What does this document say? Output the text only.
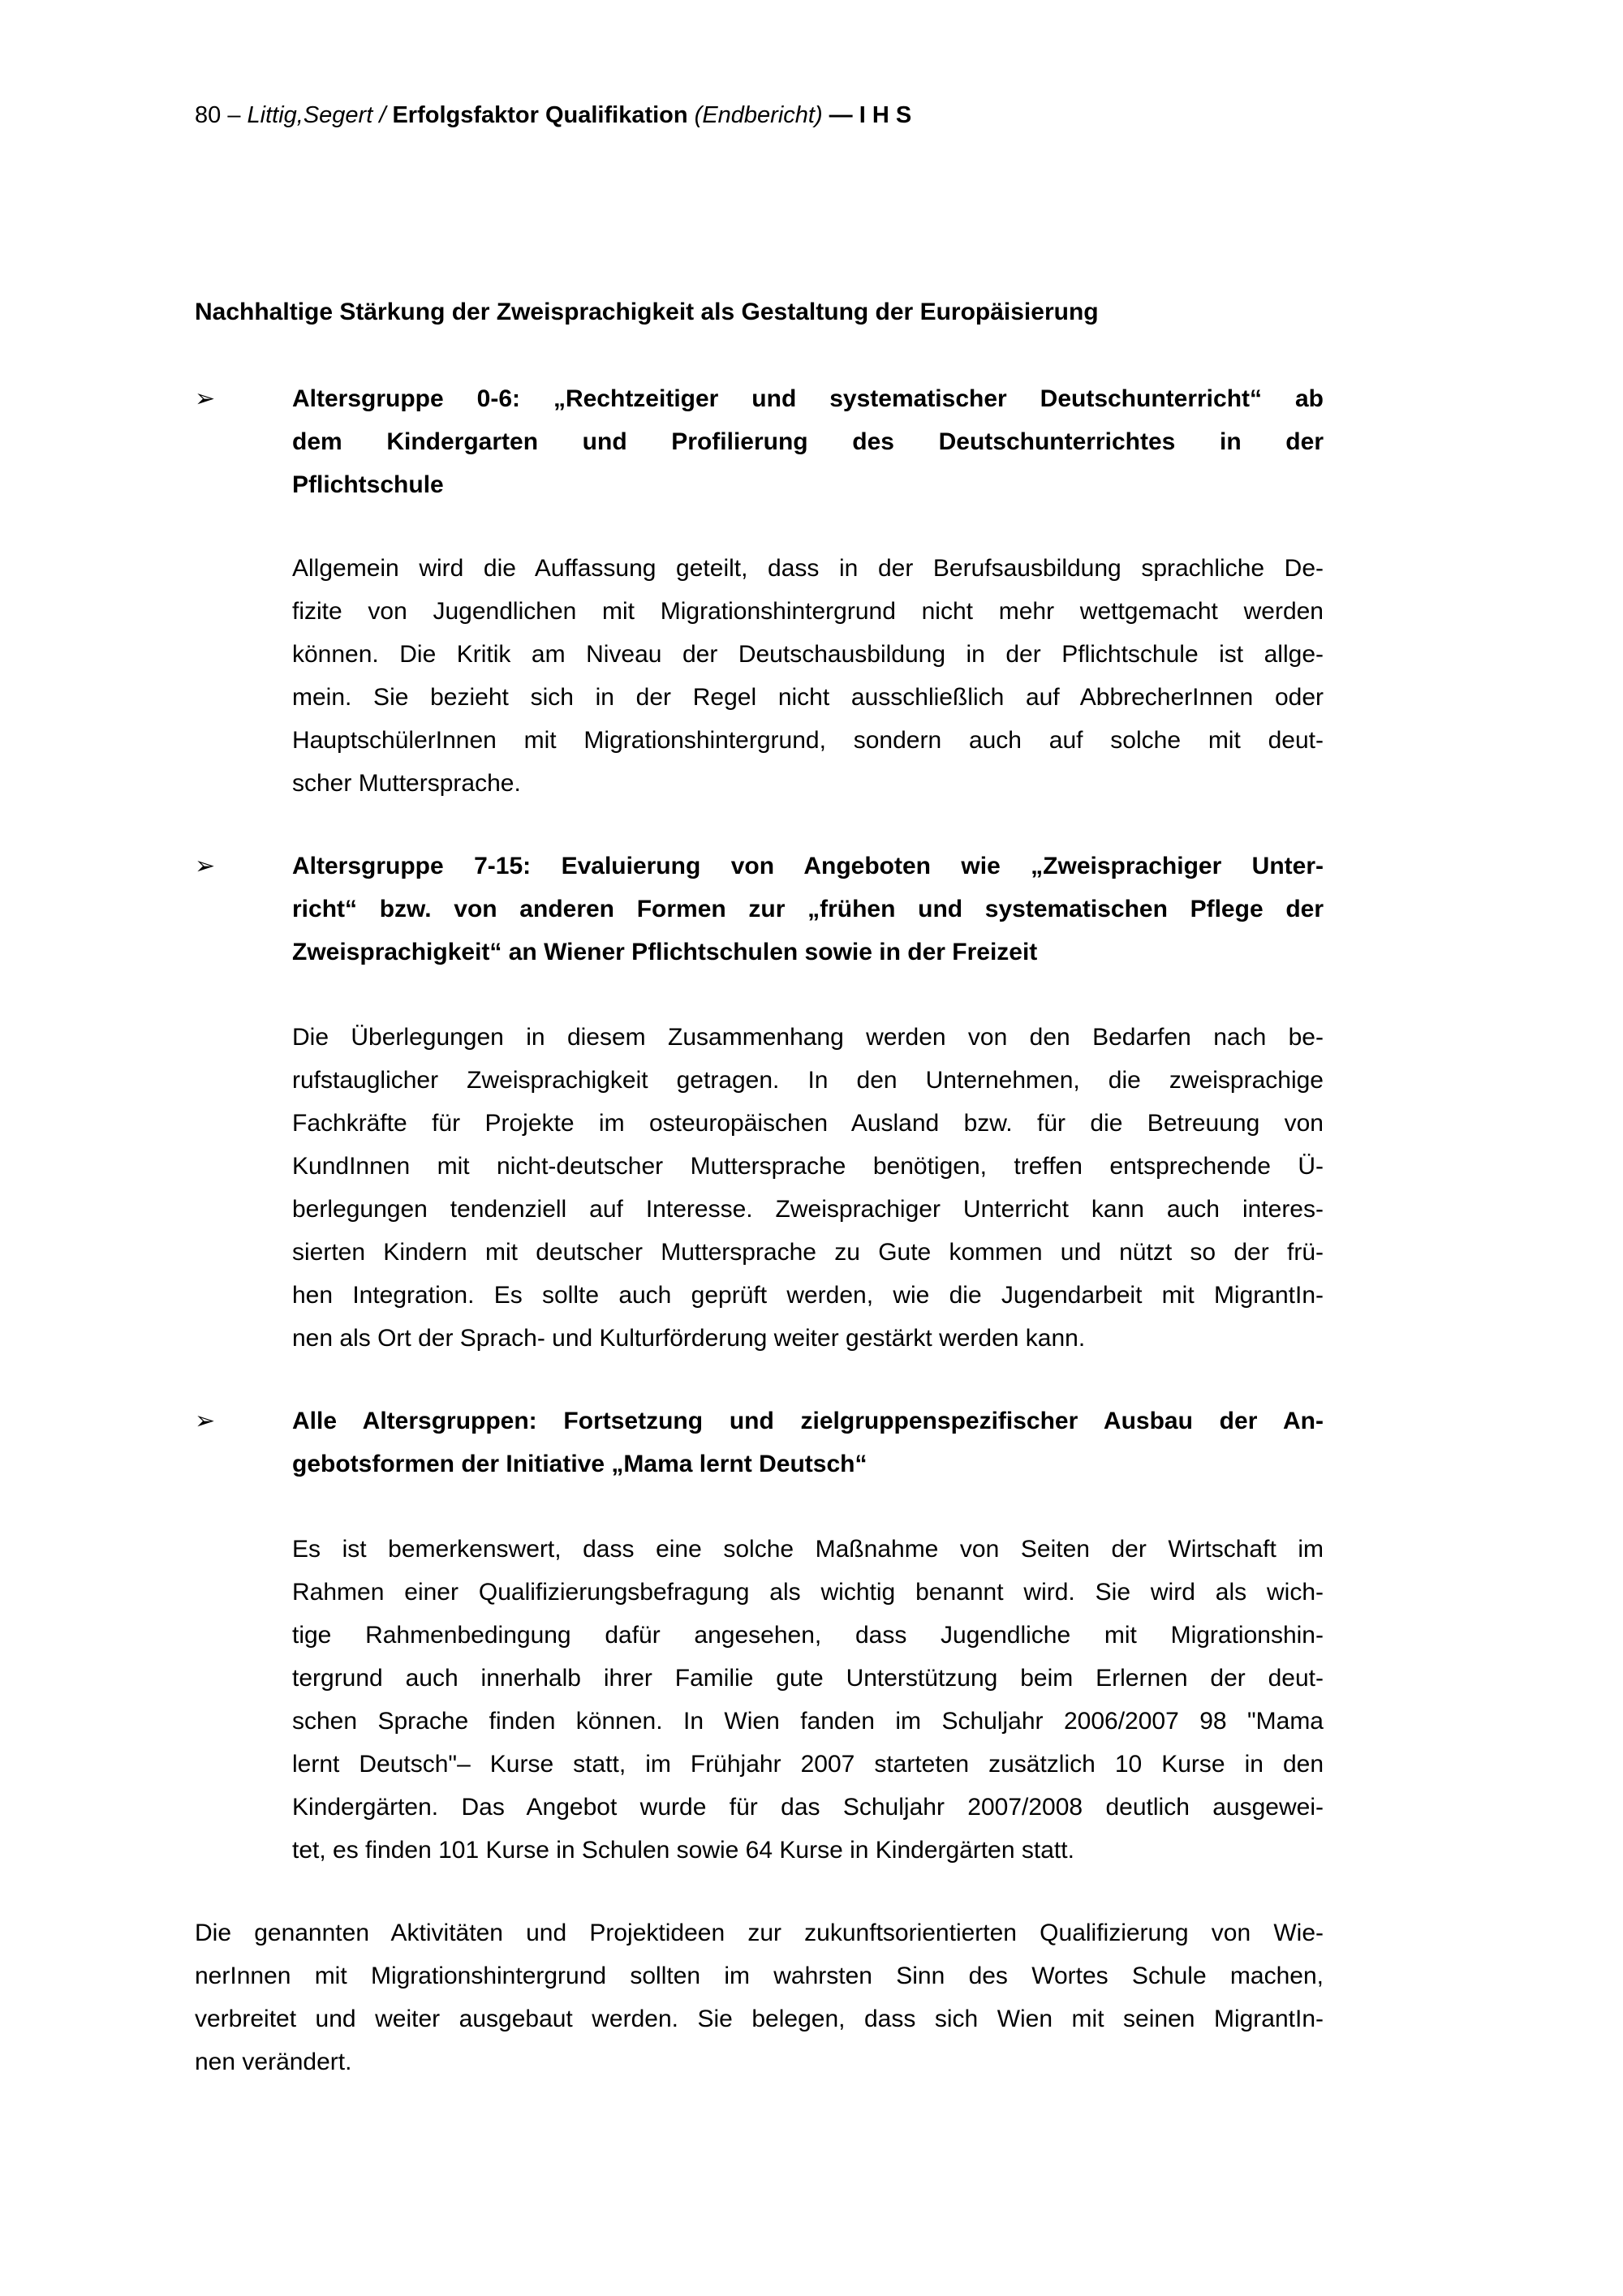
80 – Littig,Segert / Erfolgsfaktor Qualifikation (Endbericht) — I H S
Nachhaltige Stärkung der Zweisprachigkeit als Gestaltung der Europäisierung
➢	Altersgruppe 0-6: „Rechtzeitiger und systematischer Deutschunterricht“ ab
dem Kindergarten und Profilierung des Deutschunterrichtes in der
Pflichtschule
Allgemein wird die Auffassung geteilt, dass in der Berufsausbildung sprachliche De-
fizite von Jugendlichen mit Migrationshintergrund nicht mehr wettgemacht werden
können. Die Kritik am Niveau der Deutschausbildung in der Pflichtschule ist allge-
mein. Sie bezieht sich in der Regel nicht ausschließlich auf AbbrecherInnen oder
HauptschülerInnen mit Migrationshintergrund, sondern auch auf solche mit deut-
scher Muttersprache.
➢	Altersgruppe 7-15: Evaluierung von Angeboten wie „Zweisprachiger Unter-
richt“ bzw. von anderen Formen zur „frühen und systematischen Pflege der
Zweisprachigkeit“ an Wiener Pflichtschulen sowie in der Freizeit
Die Überlegungen in diesem Zusammenhang werden von den Bedarfen nach be-
rufstauglicher Zweisprachigkeit getragen. In den Unternehmen, die zweisprachige
Fachkräfte für Projekte im osteuropäischen Ausland bzw. für die Betreuung von
KundInnen mit nicht-deutscher Muttersprache benötigen, treffen entsprechende Ü-
berlegungen tendenziell auf Interesse. Zweisprachiger Unterricht kann auch interes-
sierten Kindern mit deutscher Muttersprache zu Gute kommen und nützt so der frü-
hen Integration. Es sollte auch geprüft werden, wie die Jugendarbeit mit MigrantIn-
nen als Ort der Sprach- und Kulturförderung weiter gestärkt werden kann.
➢	Alle Altersgruppen: Fortsetzung und zielgruppenspezifischer Ausbau der An-
gebotsformen der Initiative „Mama lernt Deutsch“
Es ist bemerkenswert, dass eine solche Maßnahme von Seiten der Wirtschaft im
Rahmen einer Qualifizierungsbefragung als wichtig benannt wird. Sie wird als wich-
tige Rahmenbedingung dafür angesehen, dass Jugendliche mit Migrationshin-
tergrund auch innerhalb ihrer Familie gute Unterstützung beim Erlernen der deut-
schen Sprache finden können. In Wien fanden im Schuljahr 2006/2007 98 "Mama
lernt Deutsch"– Kurse statt, im Frühjahr 2007 starteten zusätzlich 10 Kurse in den
Kindergärten. Das Angebot wurde für das Schuljahr 2007/2008 deutlich ausgewei-
tet, es finden 101 Kurse in Schulen sowie 64 Kurse in Kindergärten statt.
Die genannten Aktivitäten und Projektideen zur zukunftsorientierten Qualifizierung von Wie-
nerInnen mit Migrationshintergrund sollten im wahrsten Sinn des Wortes Schule machen,
verbreitet und weiter ausgebaut werden. Sie belegen, dass sich Wien mit seinen MigrantIn-
nen verändert.
